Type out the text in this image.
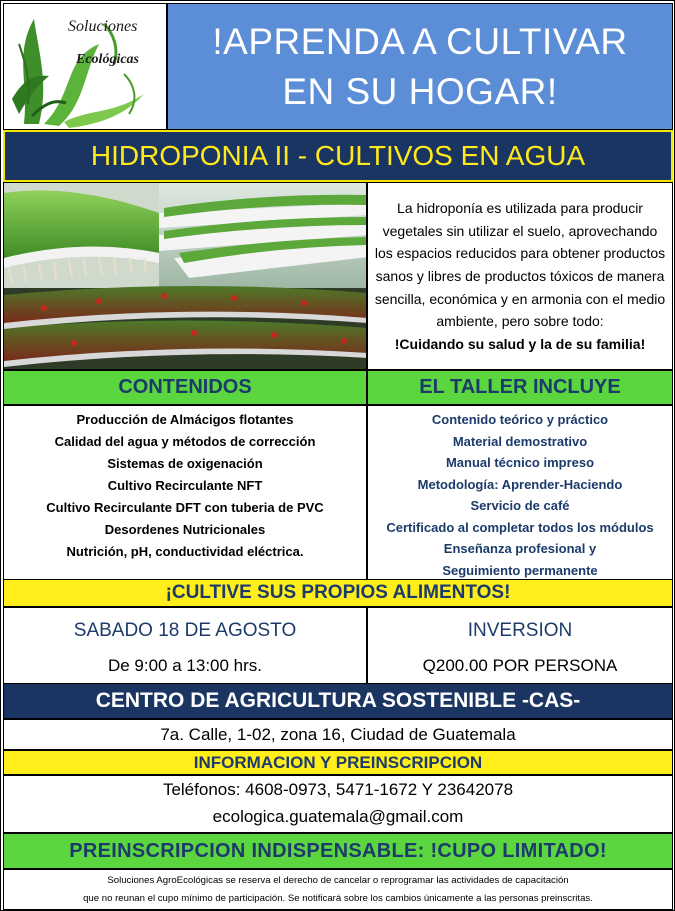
Soluciones
Agro Ecológicas !APRENDA A CULTIVAR
EN SU HOGAR!
HIDROPONIA II - CULTIVOS EN AGUA

La hidroponía es utilizada para producir vegetales sin utilizar el suelo, aprovechando los espacios reducidos para obtener productos sanos y libres de productos tóxicos de manera sencilla, económica y en armonia con el medio ambiente, pero sobre todo:

!Cuidando su salud y la de su familia!
CONTENIDOS	EL TALLER INCLUYE
Producción de Almácigos flotantes
Calidad del agua y métodos de corrección
Sistemas de oxigenación
Cultivo Recirculante NFT
Cultivo Recirculante DFT con tuberia de PVC
Desordenes Nutricionales
Nutrición, pH, conductividad eléctrica.
Contenido teórico y práctico
Material demostrativo
Manual técnico impreso
Metodología: Aprender-Haciendo
Servicio de café
Certificado al completar todos los módulos
Enseñanza profesional y
Seguimiento permanente
¡CULTIVE SUS PROPIOS ALIMENTOS!
SABADO 18 DE AGOSTO
De 9:00 a 13:00 hrs.
INVERSION
Q200.00 POR PERSONA
CENTRO DE AGRICULTURA SOSTENIBLE -CAS-
7a. Calle, 1-02, zona 16, Ciudad de Guatemala
INFORMACION Y PREINSCRIPCION
Teléfonos: 4608-0973, 5471-1672 Y 23642078
ecologica.guatemala@gmail.com
PREINSCRIPCION INDISPENSABLE: !CUPO LIMITADO!
Soluciones AgroEcológicas se reserva el derecho de cancelar o reprogramar las actividades de capacitación
que no reunan el cupo mínimo de participación. Se notificará sobre los cambios únicamente a las personas preinscritas.
